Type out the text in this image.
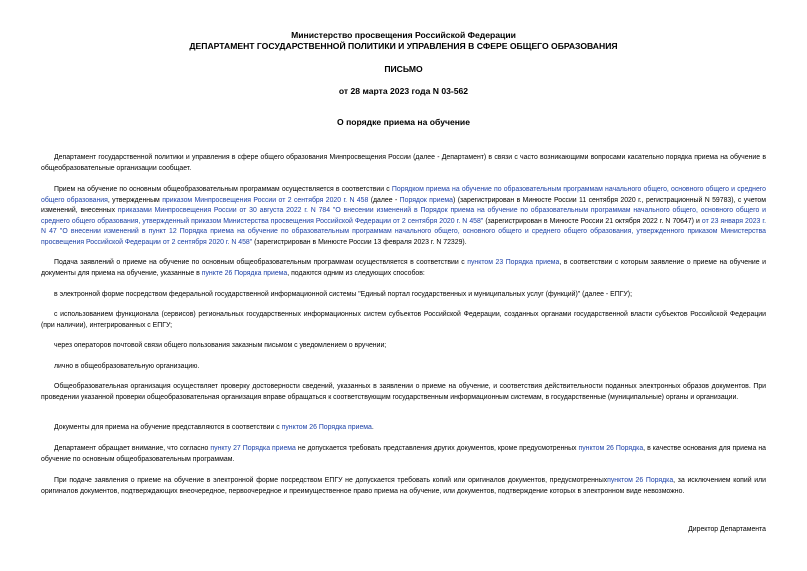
Министерство просвещения Российской Федерации
ДЕПАРТАМЕНТ ГОСУДАРСТВЕННОЙ ПОЛИТИКИ И УПРАВЛЕНИЯ В СФЕРЕ ОБЩЕГО ОБРАЗОВАНИЯ
ПИСЬМО
от 28 марта 2023 года N 03-562
О порядке приема на обучение

Департамент государственной политики и управления в сфере общего образования Минпросвещения России (далее - Департамент) в связи с часто возникающими вопросами касательно порядка приема на обучение в общеобразовательные организации сообщает.

Прием на обучение по основным общеобразовательным программам осуществляется в соответствии с Порядком приема на обучение по образовательным программам начального общего, основного общего и среднего общего образования, утвержденным приказом Минпросвещения России от 2 сентября 2020 г. N 458 (далее - Порядок приема) (зарегистрирован в Минюсте России 11 сентября 2020 г., регистрационный N 59783), с учетом изменений, внесенных приказами Минпросвещения России от 30 августа 2022 г. N 784 "О внесении изменений в Порядок приема на обучение по образовательным программам начального общего, основного общего и среднего общего образования, утвержденный приказом Министерства просвещения Российской Федерации от 2 сентября 2020 г. N 458" (зарегистрирован в Минюсте России 21 октября 2022 г. N 70647) и от 23 января 2023 г. N 47 "О внесении изменений в пункт 12 Порядка приема на обучение по образовательным программам начального общего, основного общего и среднего общего образования, утвержденного приказом Министерства просвещения Российской Федерации от 2 сентября 2020 г. N 458" (зарегистрирован в Минюсте России 13 февраля 2023 г. N 72329).

Подача заявлений о приеме на обучение по основным общеобразовательным программам осуществляется в соответствии с пунктом 23 Порядка приема, в соответствии с которым заявление о приеме на обучение и документы для приема на обучение, указанные в пункте 26 Порядка приема, подаются одним из следующих способов:

в электронной форме посредством федеральной государственной информационной системы "Единый портал государственных и муниципальных услуг (функций)" (далее - ЕПГУ);

с использованием функционала (сервисов) региональных государственных информационных систем субъектов Российской Федерации, созданных органами государственной власти субъектов Российской Федерации (при наличии), интегрированных с ЕПГУ;

через операторов почтовой связи общего пользования заказным письмом с уведомлением о вручении;

лично в общеобразовательную организацию.

Общеобразовательная организация осуществляет проверку достоверности сведений, указанных в заявлении о приеме на обучение, и соответствия действительности поданных электронных образов документов. При проведении указанной проверки общеобразовательная организация вправе обращаться к соответствующим государственным информационным системам, в государственные (муниципальные) органы и организации.

Документы для приема на обучение представляются в соответствии с пунктом 26 Порядка приема.

Департамент обращает внимание, что согласно пункту 27 Порядка приема не допускается требовать представления других документов, кроме предусмотренных пунктом 26 Порядка, в качестве основания для приема на обучение по основным общеобразовательным программам.

При подаче заявления о приеме на обучение в электронной форме посредством ЕПГУ не допускается требовать копий или оригиналов документов, предусмотренныхпунктом 26 Порядка, за исключением копий или оригиналов документов, подтверждающих внеочередное, первоочередное и преимущественное право приема на обучение, или документов, подтверждение которых в электронном виде невозможно.

Директор Департамента
